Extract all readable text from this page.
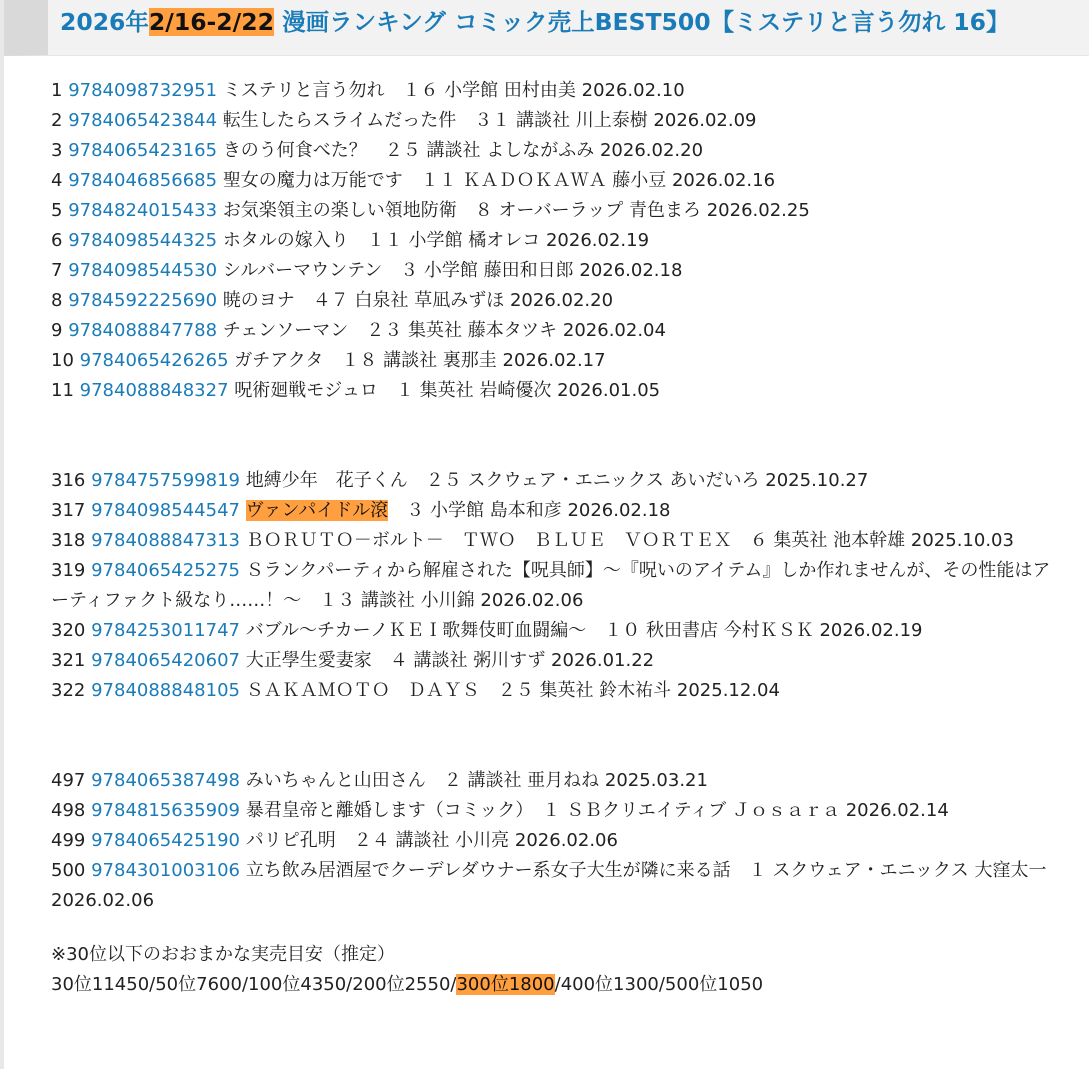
2026年2/16-2/22 漫画ランキング コミック売上BEST500【ミステリと言う勿れ 16】
1 9784098732951 ミステリと言う勿れ　１６ 小学館 田村由美 2026.02.10
2 9784065423844 転生したらスライムだった件　３１ 講談社 川上泰樹 2026.02.09
3 9784065423165 きのう何食べた？　２５ 講談社 よしながふみ 2026.02.20
4 9784046856685 聖女の魔力は万能です　１１ ＫＡＤＯＫＡＷＡ 藤小豆 2026.02.16
5 9784824015433 お気楽領主の楽しい領地防衛　８ オーバーラップ 青色まろ 2026.02.25
6 9784098544325 ホタルの嫁入り　１１ 小学館 橘オレコ 2026.02.19
7 9784098544530 シルバーマウンテン　３ 小学館 藤田和日郎 2026.02.18
8 9784592225690 暁のヨナ　４７ 白泉社 草凪みずほ 2026.02.20
9 9784088847788 チェンソーマン　２３ 集英社 藤本タツキ 2026.02.04
10 9784065426265 ガチアクタ　１８ 講談社 裏那圭 2026.02.17
11 9784088848327 呪術廻戦モジュロ　１ 集英社 岩崎優次 2026.01.05
316 9784757599819 地縛少年　花子くん　２５ スクウェア・エニックス あいだいろ 2025.10.27
317 9784098544547 ヴァンパイドル滾　３ 小学館 島本和彦 2026.02.18
318 9784088847313 ＢＯＲＵＴＯ－ボルト－　ＴＷＯ　ＢＬＵＥ　ＶＯＲＴＥＸ　６ 集英社 池本幹雄 2025.10.03
319 9784065425275 Ｓランクパーティから解雇された【呪具師】～『呪いのアイテム』しか作れませんが、その性能はアーティファクト級なり……！～　１３ 講談社 小川錦 2026.02.06
320 9784253011747 バブル～チカーノＫＥＩ歌舞伎町血闘編～　１０ 秋田書店 今村ＫＳＫ 2026.02.19
321 9784065420607 大正學生愛妻家　４ 講談社 粥川すず 2026.01.22
322 9784088848105 ＳＡＫＡＭＯＴＯ　ＤＡＹＳ　２５ 集英社 鈴木祐斗 2025.12.04
497 9784065387498 みいちゃんと山田さん　２ 講談社 亜月ねね 2025.03.21
498 9784815635909 暴君皇帝と離婚します（コミック）　１ ＳＢクリエイティブ Ｊｏｓａｒａ 2026.02.14
499 9784065425190 パリピ孔明　２４ 講談社 小川亮 2026.02.06
500 9784301003106 立ち飲み居酒屋でクーデレダウナー系女子大生が隣に来る話　１ スクウェア・エニックス 大窪太一 2026.02.06
※30位以下のおおまかな実売目安（推定）
30位11450/50位7600/100位4350/200位2550/300位1800/400位1300/500位1050
